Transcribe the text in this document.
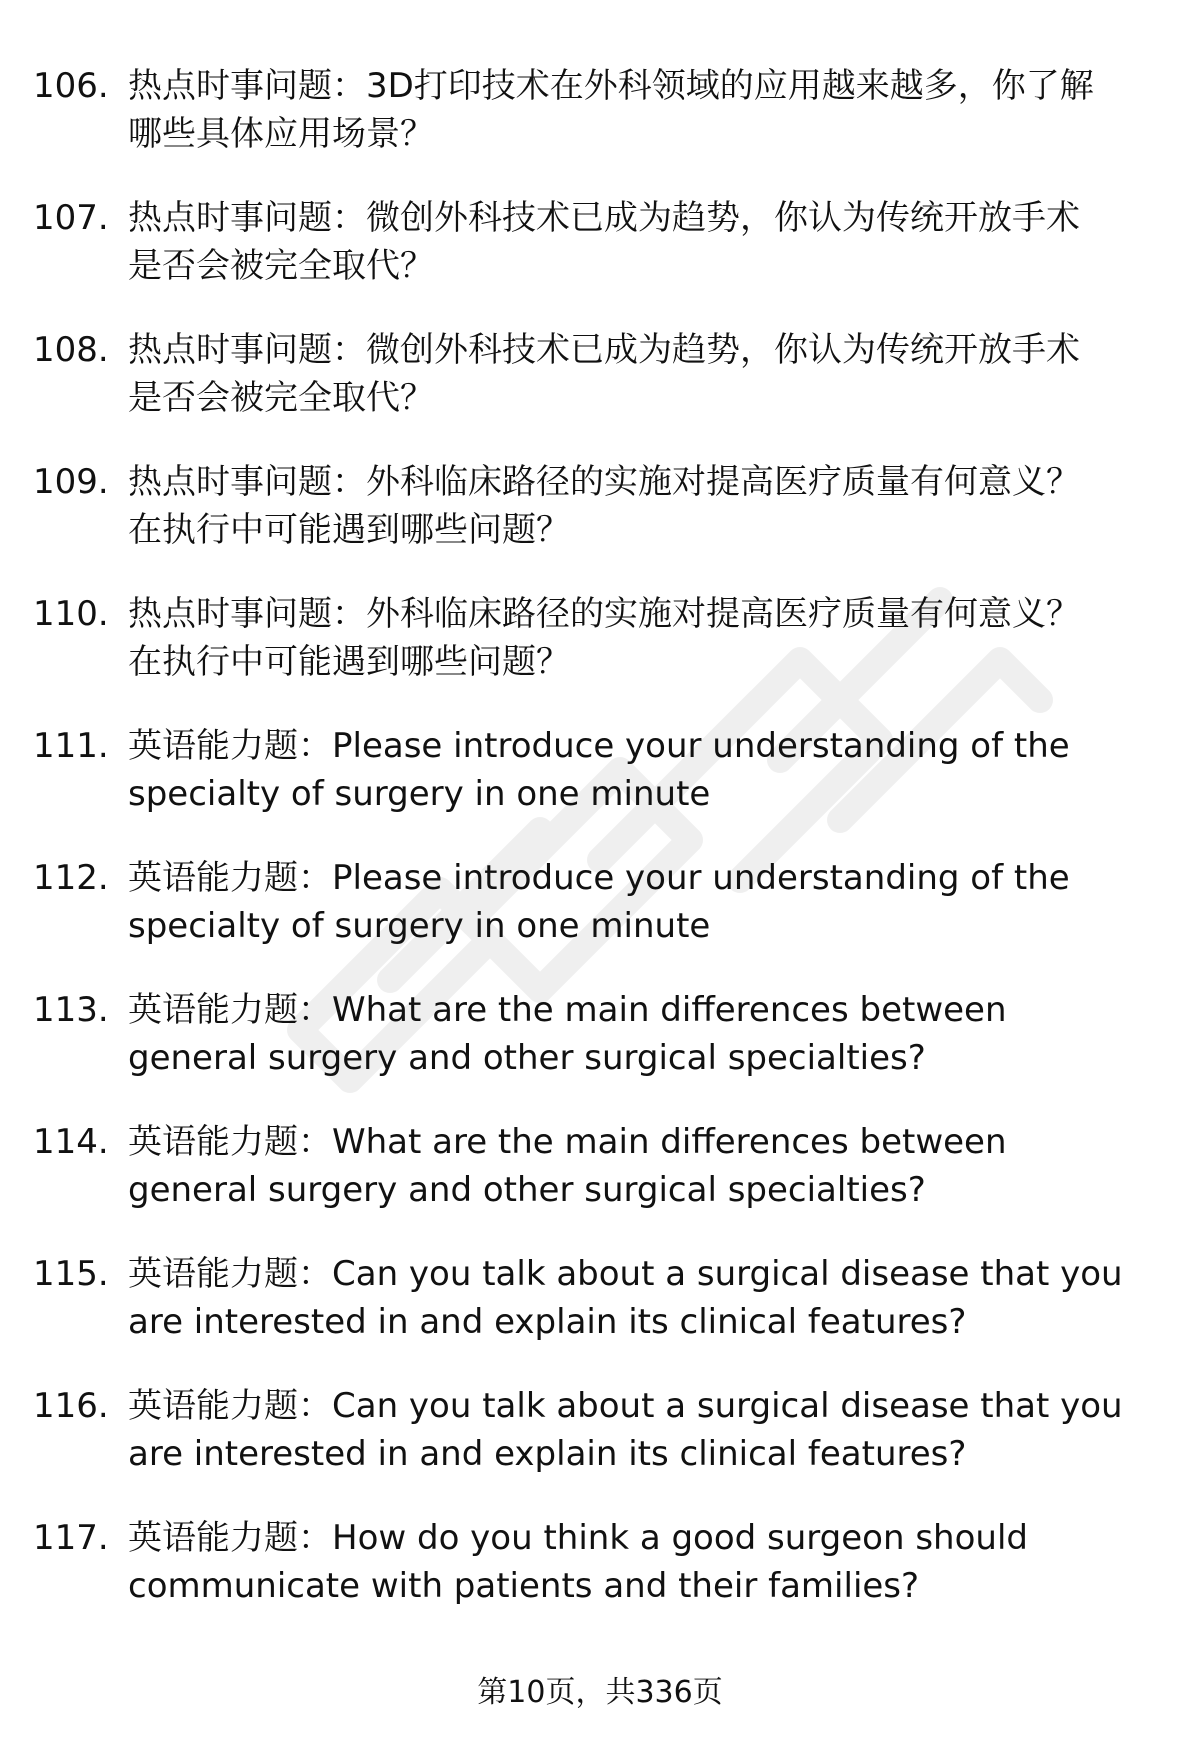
106. 热点时事问题：3D打印技术在外科领域的应用越来越多，你了解
哪些具体应用场景？
107. 热点时事问题：微创外科技术已成为趋势，你认为传统开放手术
是否会被完全取代？
108. 热点时事问题：微创外科技术已成为趋势，你认为传统开放手术
是否会被完全取代？
109. 热点时事问题：外科临床路径的实施对提高医疗质量有何意义？
在执行中可能遇到哪些问题？
110. 热点时事问题：外科临床路径的实施对提高医疗质量有何意义？
在执行中可能遇到哪些问题？
111. 英语能力题：Please introduce your understanding of the
specialty of surgery in one minute
112. 英语能力题：Please introduce your understanding of the
specialty of surgery in one minute
113. 英语能力题：What are the main differences between
general surgery and other surgical specialties?
114. 英语能力题：What are the main differences between
general surgery and other surgical specialties?
115. 英语能力题：Can you talk about a surgical disease that you
are interested in and explain its clinical features?
116. 英语能力题：Can you talk about a surgical disease that you
are interested in and explain its clinical features?
117. 英语能力题：How do you think a good surgeon should
communicate with patients and their families?
第10页，共336页
